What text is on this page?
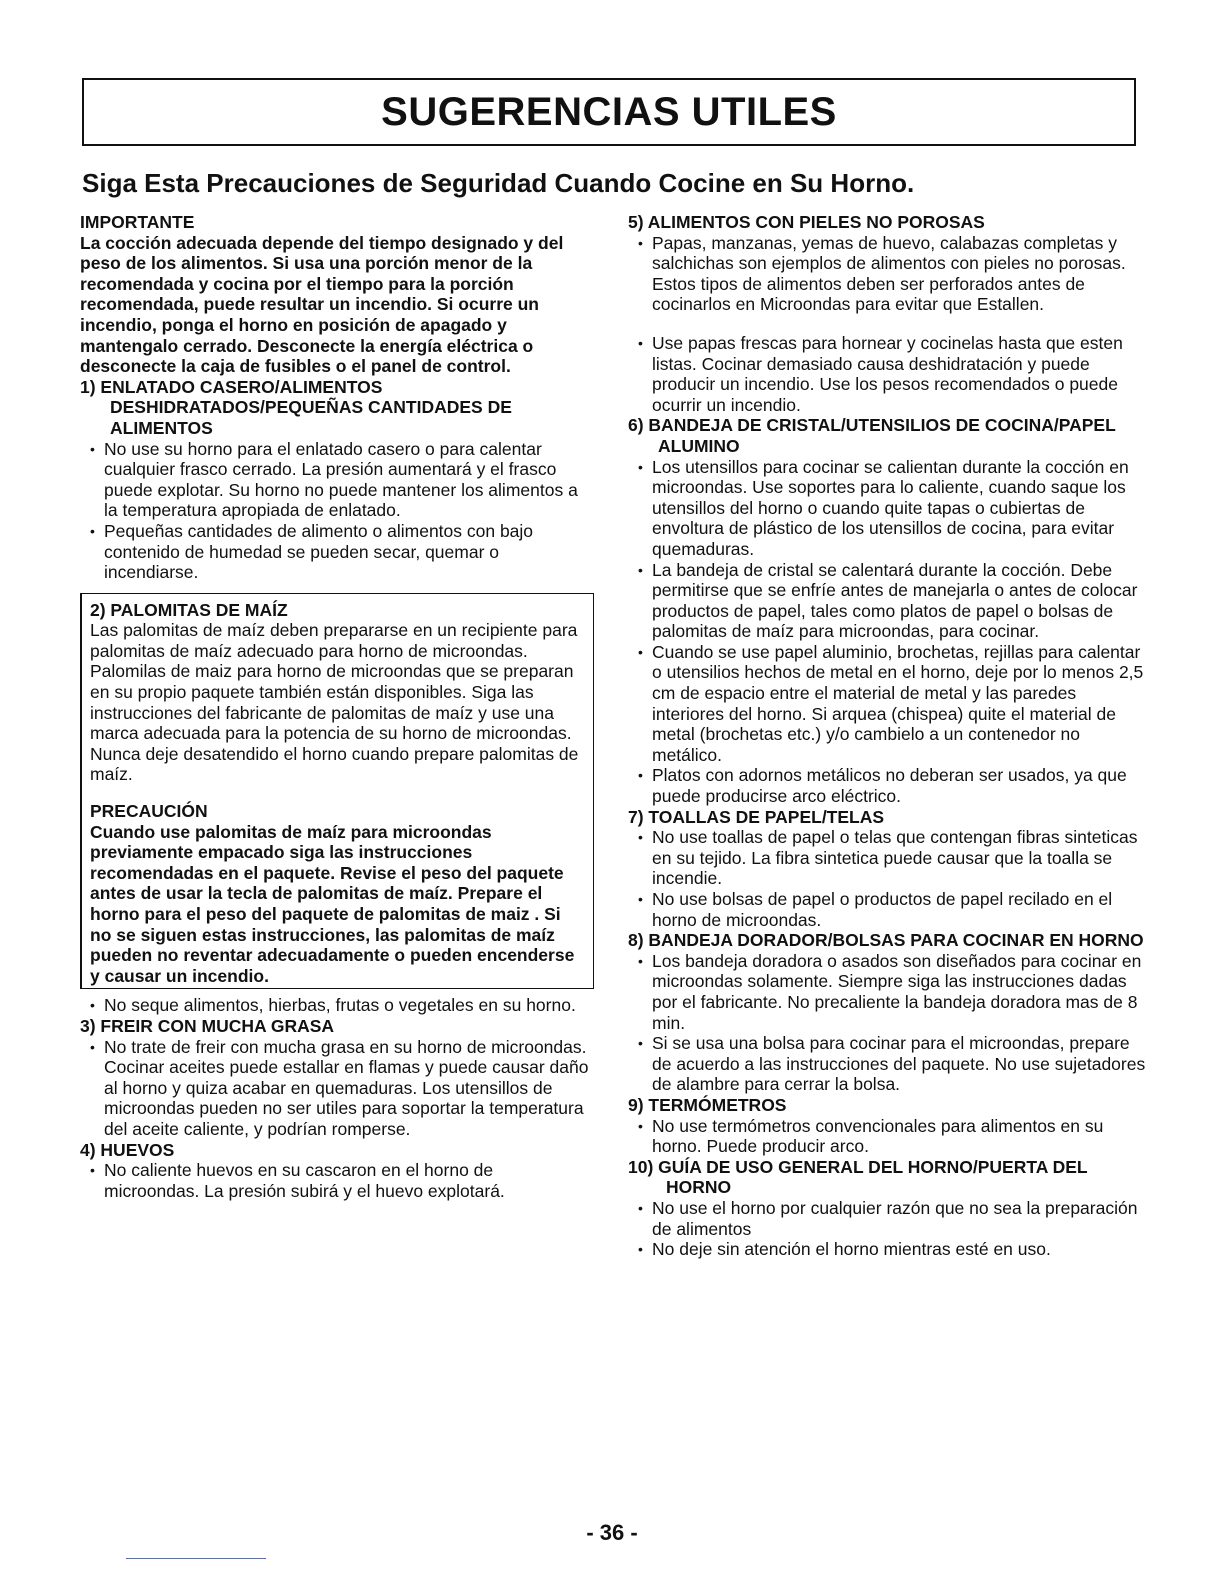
SUGERENCIAS UTILES
Siga Esta Precauciones de Seguridad Cuando Cocine en Su Horno.

IMPORTANTE

La cocción adecuada depende del tiempo designado y del peso de los alimentos. Si usa una porción menor de la recomendada y cocina por el tiempo para la porción recomendada, puede resultar un incendio. Si ocurre un incendio, ponga el horno en posición de apagado y mantengalo cerrado. Desconecte la energía eléctrica o desconecte la caja de fusibles o el panel de control.

1) ENLATADO CASERO/ALIMENTOS DESHIDRATADOS/PEQUEÑAS CANTIDADES DE ALIMENTOS

• No use su horno para el enlatado casero o para calentar cualquier frasco cerrado. La presión aumentará y el frasco puede explotar. Su horno no puede mantener los alimentos a la temperatura apropiada de enlatado.
• Pequeñas cantidades de alimento o alimentos con bajo contenido de humedad se pueden secar, quemar o incendiarse.

2) PALOMITAS DE MAÍZ

Las palomitas de maíz deben prepararse en un recipiente para palomitas de maíz adecuado para horno de microondas. Palomilas de maiz para horno de microondas que se preparan en su propio paquete también están disponibles. Siga las instrucciones del fabricante de palomitas de maíz y use una marca adecuada para la potencia de su horno de microondas. Nunca deje desatendido el horno cuando prepare palomitas de maíz.

PRECAUCIÓN

Cuando use palomitas de maíz para microondas previamente empacado siga las instrucciones recomendadas en el paquete. Revise el peso del paquete antes de usar la tecla de palomitas de maíz. Prepare el horno para el peso del paquete de palomitas de maiz . Si no se siguen estas instrucciones, las palomitas de maíz pueden no reventar adecuadamente o pueden encenderse y causar un incendio.

• No seque alimentos, hierbas, frutas o vegetales en su horno.

3) FREIR CON MUCHA GRASA

• No trate de freir con mucha grasa en su horno de microondas. Cocinar aceites puede estallar en flamas y puede causar daño al horno y quiza acabar en quemaduras. Los utensillos de microondas pueden no ser utiles para soportar la temperatura del aceite caliente, y podrían romperse.

4) HUEVOS

• No caliente huevos en su cascaron en el horno de microondas. La presión subirá y el huevo explotará.

5) ALIMENTOS CON PIELES NO POROSAS

• Papas, manzanas, yemas de huevo, calabazas completas y salchichas son ejemplos de alimentos con pieles no porosas. Estos tipos de alimentos deben ser perforados antes de cocinarlos en Microondas para evitar que Estallen.
• Use papas frescas para hornear y cocinelas hasta que esten listas. Cocinar demasiado causa deshidratación y puede producir un incendio. Use los pesos recomendados o puede ocurrir un incendio.

6) BANDEJA DE CRISTAL/UTENSILIOS DE COCINA/PAPEL ALUMINO

• Los utensillos para cocinar se calientan durante la cocción en microondas. Use soportes para lo caliente, cuando saque los utensillos del horno o cuando quite tapas o cubiertas de envoltura de plástico de los utensillos de cocina, para evitar quemaduras.
• La bandeja de cristal se calentará durante la cocción. Debe permitirse que se enfríe antes de manejarla o antes de colocar productos de papel, tales como platos de papel o bolsas de palomitas de maíz para microondas, para cocinar.
• Cuando se use papel aluminio, brochetas, rejillas para calentar o utensilios hechos de metal en el horno, deje por lo menos 2,5 cm de espacio entre el material de metal y las paredes interiores del horno. Si arquea (chispea) quite el material de metal (brochetas etc.) y/o cambielo a un contenedor no metálico.
• Platos con adornos metálicos no deberan ser usados, ya que puede producirse arco eléctrico.

7) TOALLAS DE PAPEL/TELAS

• No use toallas de papel o telas que contengan fibras sinteticas en su tejido. La fibra sintetica puede causar que la toalla se incendie.
• No use bolsas de papel o productos de papel recilado en el horno de microondas.

8) BANDEJA DORADOR/BOLSAS PARA COCINAR EN HORNO

• Los bandeja doradora o asados son diseñados para cocinar en microondas solamente. Siempre siga las instrucciones dadas por el fabricante. No precaliente la bandeja doradora mas de 8 min.
• Si se usa una bolsa para cocinar para el microondas, prepare de acuerdo a las instrucciones del paquete. No use sujetadores de alambre para cerrar la bolsa.

9) TERMÓMETROS

• No use termómetros convencionales para alimentos en su horno. Puede producir arco.

10) GUÍA DE USO GENERAL DEL HORNO/PUERTA DEL HORNO

• No use el horno por cualquier razón que no sea la preparación de alimentos
• No deje sin atención el horno mientras esté en uso.
- 36 -
